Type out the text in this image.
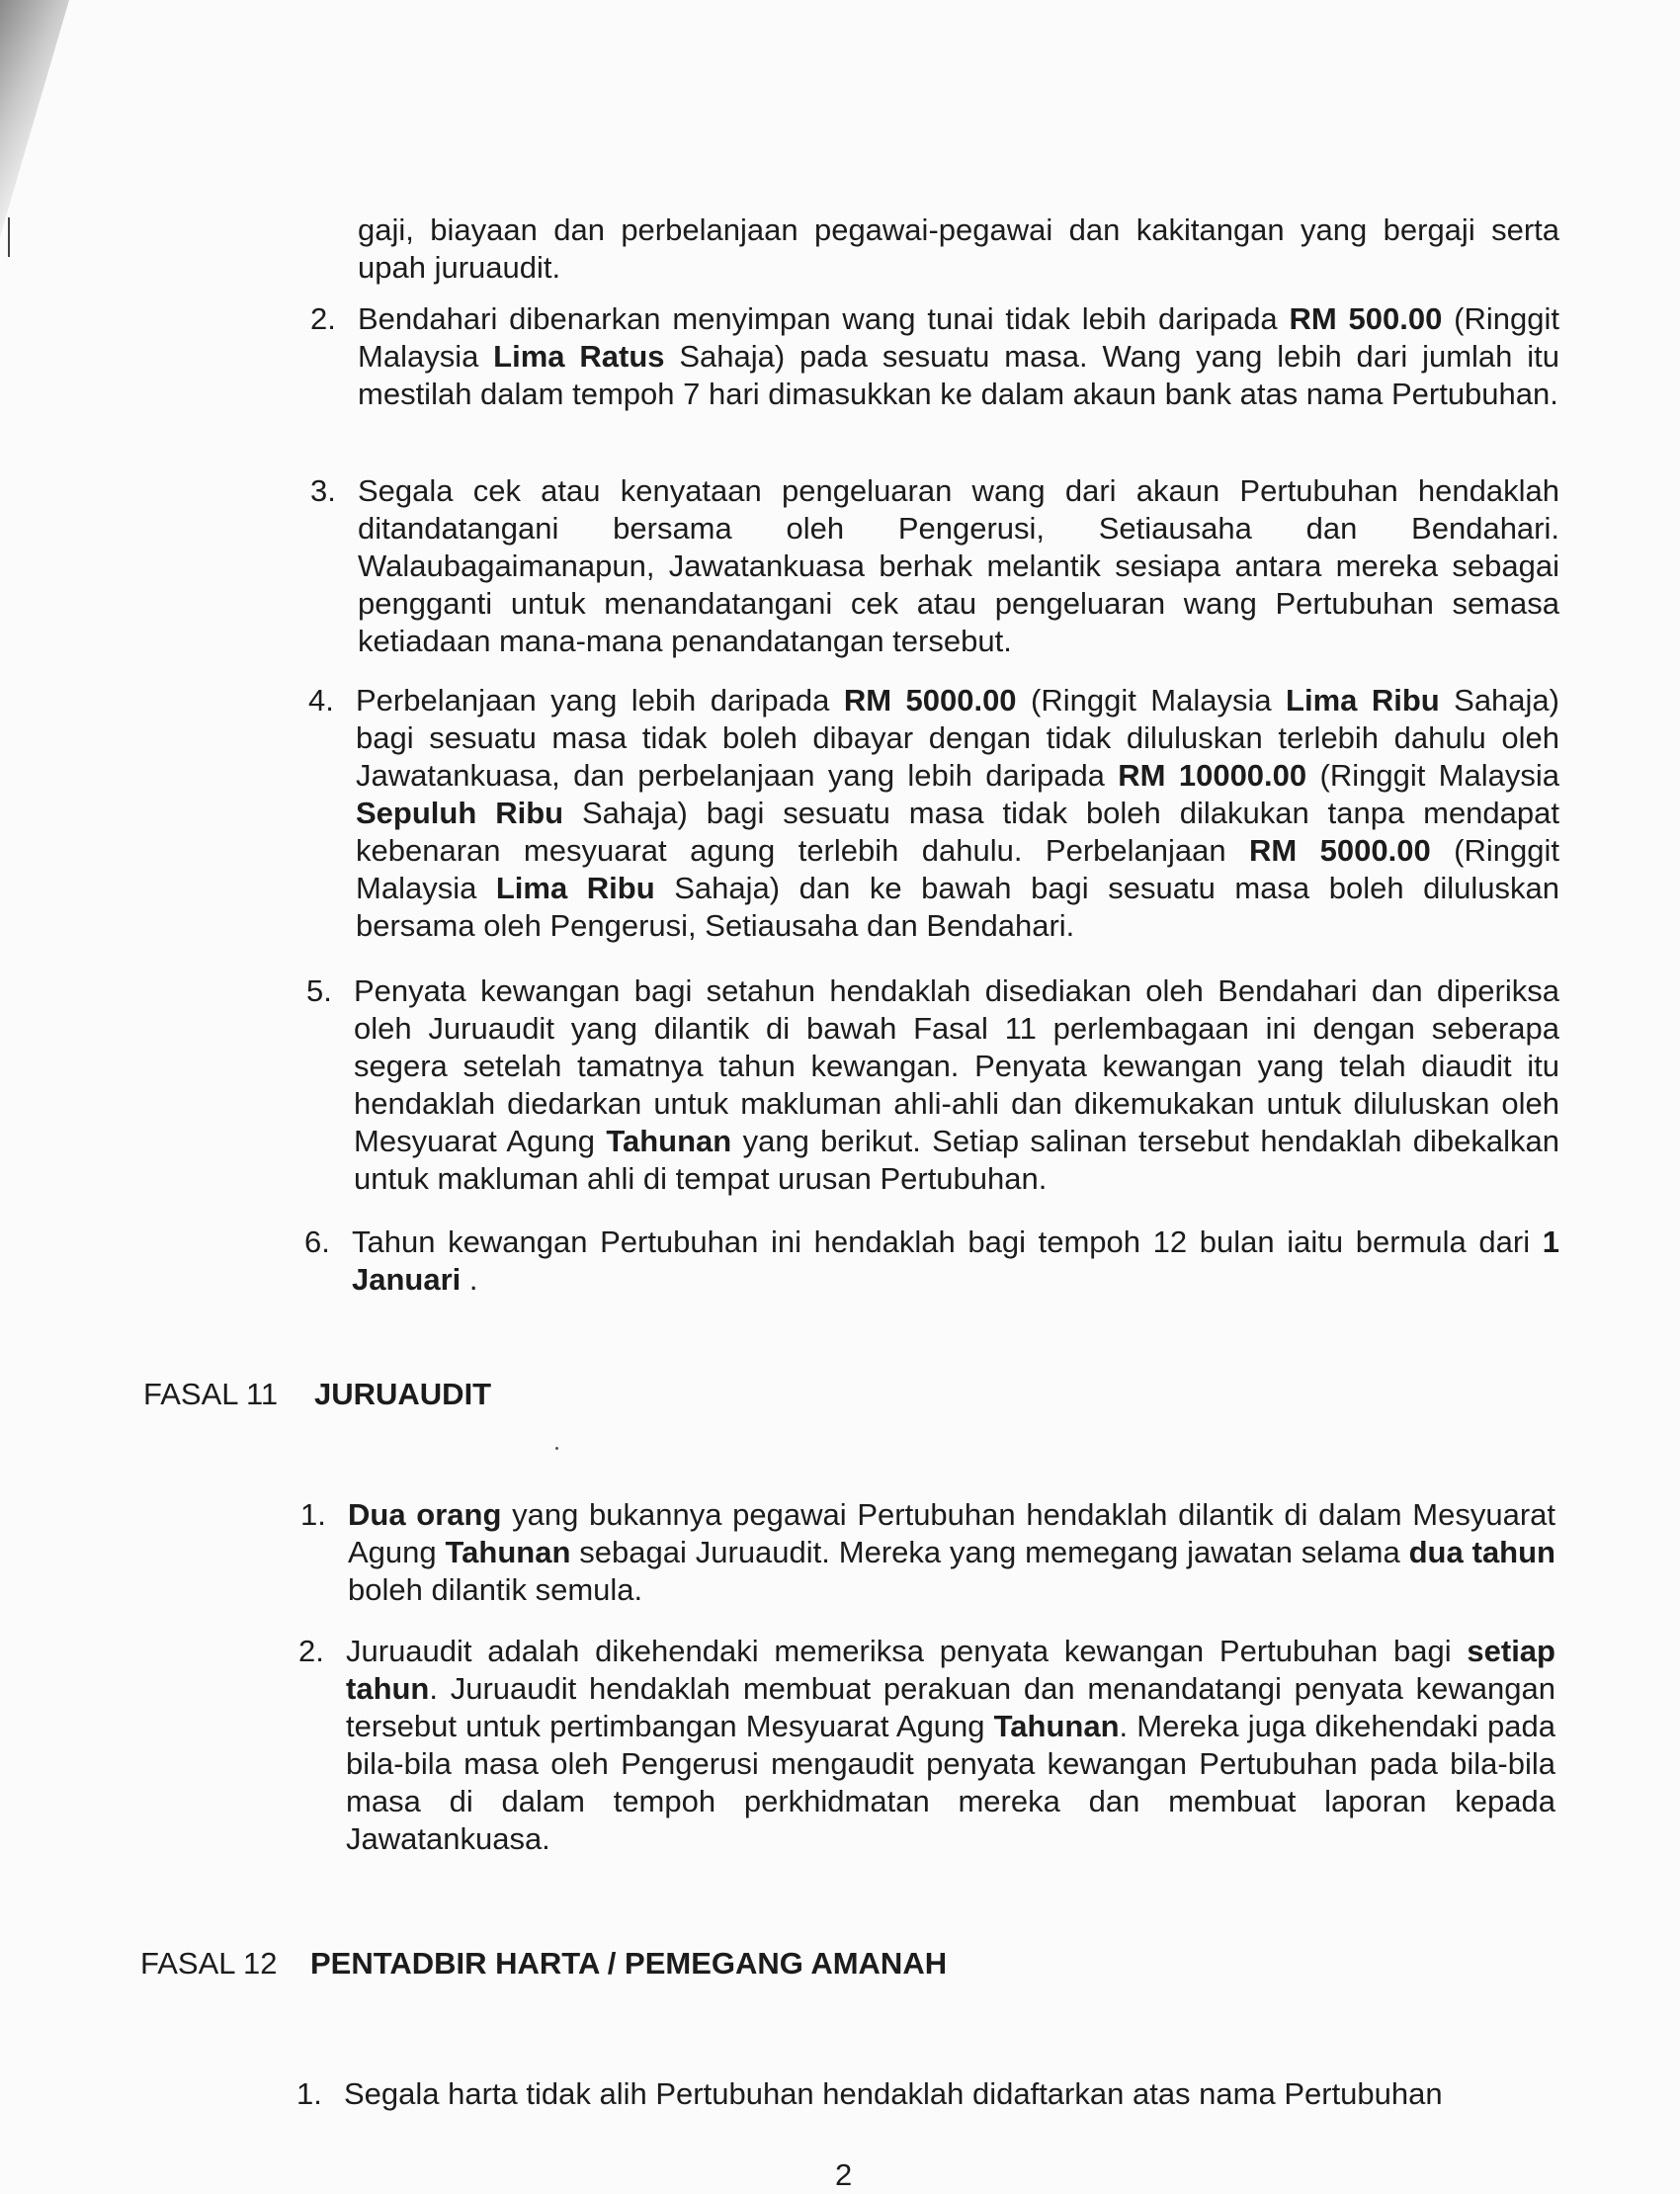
gaji, biayaan dan perbelanjaan pegawai-pegawai dan kakitangan yang bergaji serta upah juruaudit.
2. Bendahari dibenarkan menyimpan wang tunai tidak lebih daripada RM 500.00 (Ringgit Malaysia Lima Ratus Sahaja) pada sesuatu masa. Wang yang lebih dari jumlah itu mestilah dalam tempoh 7 hari dimasukkan ke dalam akaun bank atas nama Pertubuhan.
3. Segala cek atau kenyataan pengeluaran wang dari akaun Pertubuhan hendaklah ditandatangani bersama oleh Pengerusi, Setiausaha dan Bendahari. Walaubagaimanapun, Jawatankuasa berhak melantik sesiapa antara mereka sebagai pengganti untuk menandatangani cek atau pengeluaran wang Pertubuhan semasa ketiadaan mana-mana penandatangan tersebut.
4. Perbelanjaan yang lebih daripada RM 5000.00 (Ringgit Malaysia Lima Ribu Sahaja) bagi sesuatu masa tidak boleh dibayar dengan tidak diluluskan terlebih dahulu oleh Jawatankuasa, dan perbelanjaan yang lebih daripada RM 10000.00 (Ringgit Malaysia Sepuluh Ribu Sahaja) bagi sesuatu masa tidak boleh dilakukan tanpa mendapat kebenaran mesyuarat agung terlebih dahulu. Perbelanjaan RM 5000.00 (Ringgit Malaysia Lima Ribu Sahaja) dan ke bawah bagi sesuatu masa boleh diluluskan bersama oleh Pengerusi, Setiausaha dan Bendahari.
5. Penyata kewangan bagi setahun hendaklah disediakan oleh Bendahari dan diperiksa oleh Juruaudit yang dilantik di bawah Fasal 11 perlembagaan ini dengan seberapa segera setelah tamatnya tahun kewangan. Penyata kewangan yang telah diaudit itu hendaklah diedarkan untuk makluman ahli-ahli dan dikemukakan untuk diluluskan oleh Mesyuarat Agung Tahunan yang berikut. Setiap salinan tersebut hendaklah dibekalkan untuk makluman ahli di tempat urusan Pertubuhan.
6. Tahun kewangan Pertubuhan ini hendaklah bagi tempoh 12 bulan iaitu bermula dari 1 Januari .
FASAL 11 JURUAUDIT
1. Dua orang yang bukannya pegawai Pertubuhan hendaklah dilantik di dalam Mesyuarat Agung Tahunan sebagai Juruaudit. Mereka yang memegang jawatan selama dua tahun boleh dilantik semula.
2. Juruaudit adalah dikehendaki memeriksa penyata kewangan Pertubuhan bagi setiap tahun. Juruaudit hendaklah membuat perakuan dan menandatangi penyata kewangan tersebut untuk pertimbangan Mesyuarat Agung Tahunan. Mereka juga dikehendaki pada bila-bila masa oleh Pengerusi mengaudit penyata kewangan Pertubuhan pada bila-bila masa di dalam tempoh perkhidmatan mereka dan membuat laporan kepada Jawatankuasa.
FASAL 12 PENTADBIR HARTA / PEMEGANG AMANAH
1. Segala harta tidak alih Pertubuhan hendaklah didaftarkan atas nama Pertubuhan
2
